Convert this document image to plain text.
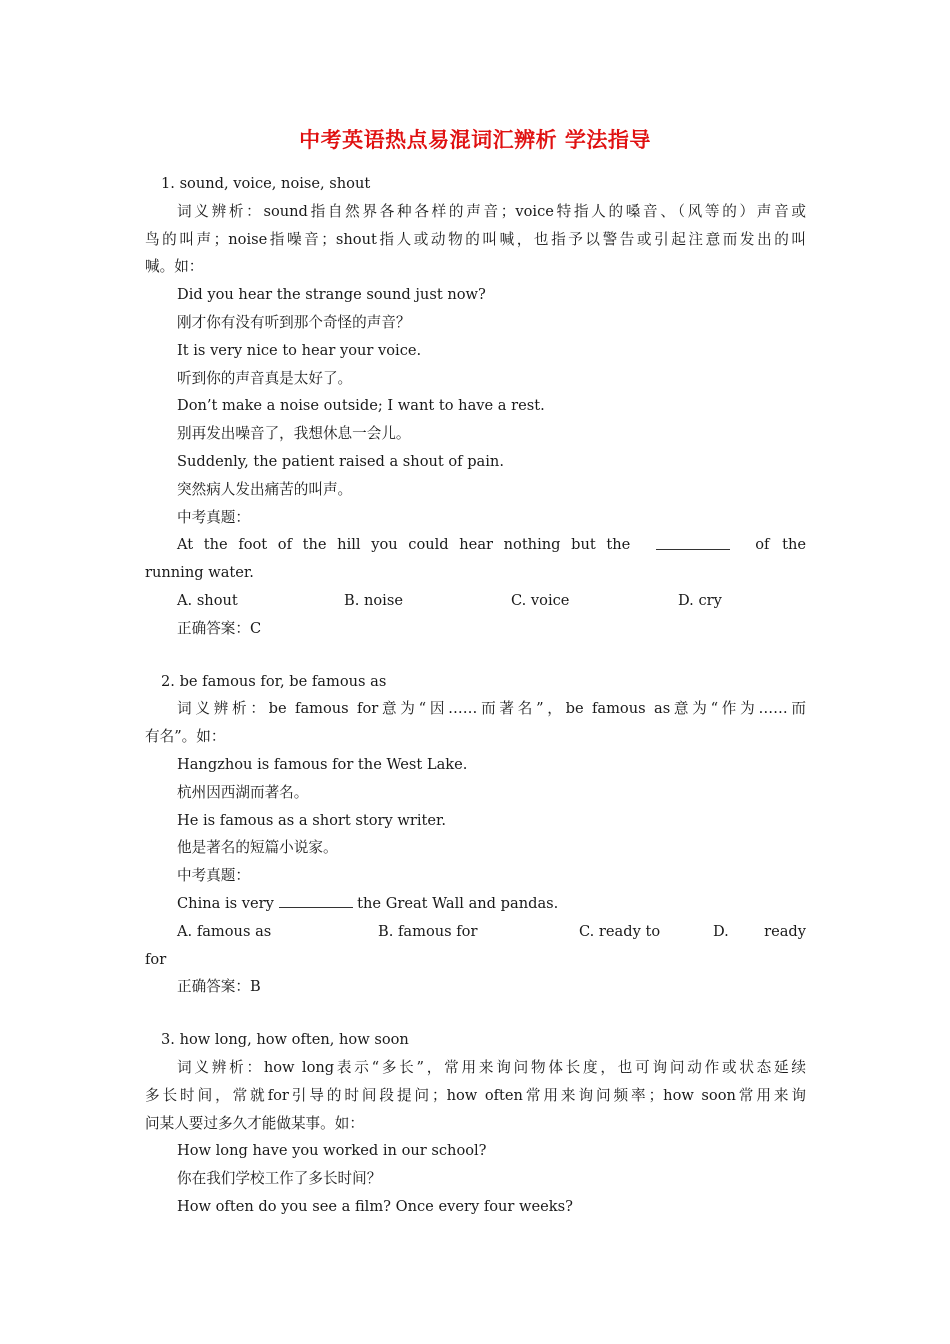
中考英语热点易混词汇辨析 学法指导
1. sound, voice, noise, shout
词义辨析：sound指自然界各种各样的声音；voice特指人的嗓音、（风等的）声音或
鸟的叫声；noise指噪音；shout指人或动物的叫喊，也指予以警告或引起注意而发出的叫
喊。如：
Did you hear the strange sound just now?
刚才你有没有听到那个奇怪的声音？
It is very nice to hear your voice.
听到你的声音真是太好了。
Don’t make a noise outside; I want to have a rest.
别再发出噪音了，我想休息一会儿。
Suddenly, the patient raised a shout of pain.
突然病人发出痛苦的叫声。
中考真题：
At the foot of the hill you could hear nothing but the	of the
running water.
A. shout	B. noise	C. voice	D. cry
正确答案：C
2. be famous for, be famous as
词义辨析：be famous for意为“因……而著名”，be famous as意为“作为……而
有名”。如：
Hangzhou is famous for the West Lake.
杭州因西湖而著名。
He is famous as a short story writer.
他是著名的短篇小说家。
中考真题：
China is very	the Great Wall and pandas.
A. famous as	B. famous for	C. ready to	D.	ready
for
正确答案：B
3. how long, how often, how soon
词义辨析：how long表示“多长”，常用来询问物体长度，也可询问动作或状态延续
多长时间，常就for引导的时间段提问；how often常用来询问频率；how soon常用来询
问某人要过多久才能做某事。如：
How long have you worked in our school?
你在我们学校工作了多长时间？
How often do you see a film? Once every four weeks?
